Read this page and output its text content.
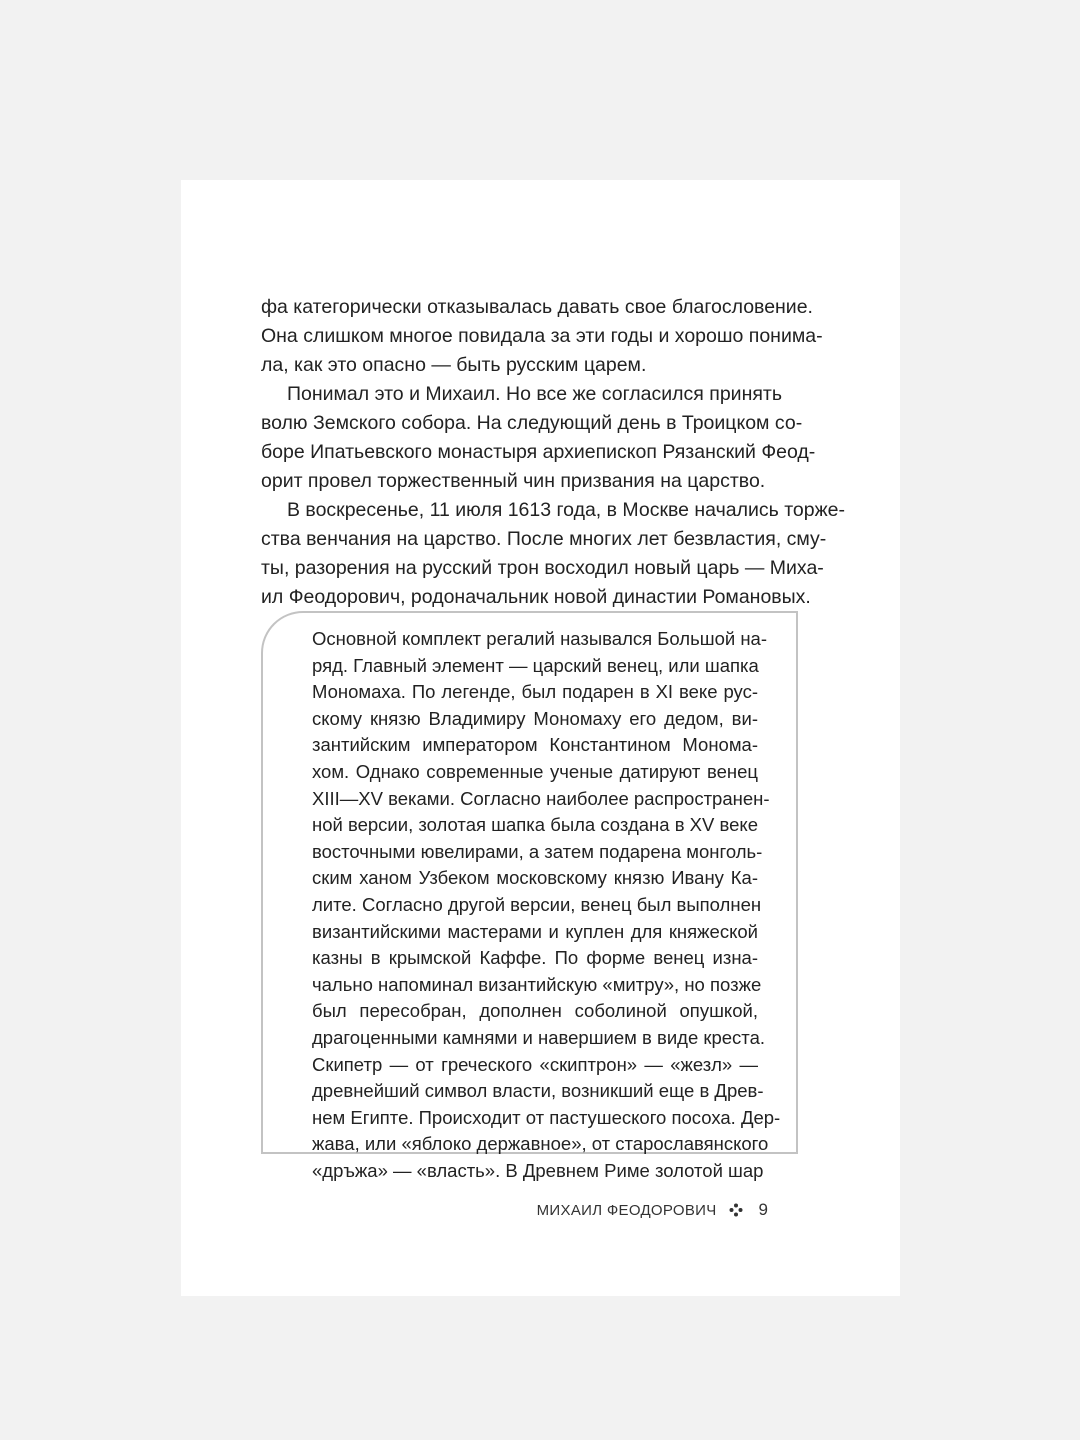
фа категорически отказывалась давать свое благословение.
Она слишком многое повидала за эти годы и хорошо понима-
ла, как это опасно — быть русским царем.
Понимал это и Михаил. Но все же согласился принять
волю Земского собора. На следующий день в Троицком со-
боре Ипатьевского монастыря архиепископ Рязанский Феод-
орит провел торжественный чин призвания на царство.
В воскресенье, 11 июля 1613 года, в Москве начались торже-
ства венчания на царство. После многих лет безвластия, сму-
ты, разорения на русский трон восходил новый царь — Миха-
ил Феодорович, родоначальник новой династии Романовых.
Основной комплект регалий назывался Большой на-
ряд. Главный элемент — царский венец, или шапка
Мономаха. По легенде, был подарен в XI веке рус-
скому князю Владимиру Мономаху его дедом, ви-
зантийским императором Константином Монома-
хом. Однако современные ученые датируют венец
XIII—XV веками. Согласно наиболее распространен-
ной версии, золотая шапка была создана в XV веке
восточными ювелирами, а затем подарена монголь-
ским ханом Узбеком московскому князю Ивану Ка-
лите. Согласно другой версии, венец был выполнен
византийскими мастерами и куплен для княжеской
казны в крымской Каффе. По форме венец изна-
чально напоминал византийскую «митру», но позже
был пересобран, дополнен соболиной опушкой,
драгоценными камнями и навершием в виде креста.
Скипетр — от греческого «скиптрон» — «жезл» —
древнейший символ власти, возникший еще в Древ-
нем Египте. Происходит от пастушеского посоха. Дер-
жава, или «яблоко державное», от старославянского
«дръжа» — «власть». В Древнем Риме золотой шар
МИХАИЛ ФЕОДОРОВИЧ 9
